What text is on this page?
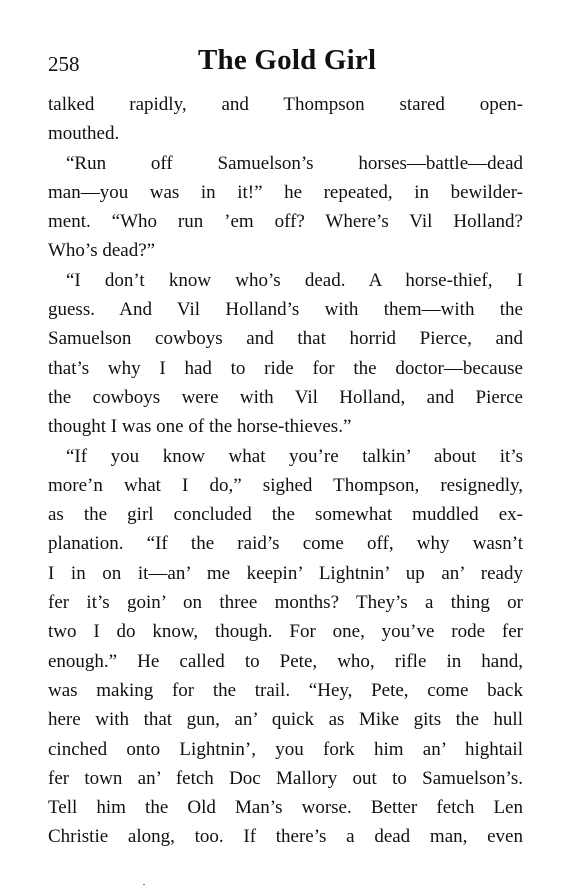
258	The Gold Girl
talked rapidly, and Thompson stared open-
mouthed.
“Run off Samuelson’s horses—battle—dead
man—you was in it!” he repeated, in bewilder-
ment. “Who run ’em off? Where’s Vil Holland?
Who’s dead?”
“I don’t know who’s dead. A horse-thief, I
guess. And Vil Holland’s with them—with the
Samuelson cowboys and that horrid Pierce, and
that’s why I had to ride for the doctor—because
the cowboys were with Vil Holland, and Pierce
thought I was one of the horse-thieves.”
“If you know what you’re talkin’ about it’s
more’n what I do,” sighed Thompson, resignedly,
as the girl concluded the somewhat muddled ex-
planation. “If the raid’s come off, why wasn’t
I in on it—an’ me keepin’ Lightnin’ up an’ ready
fer it’s goin’ on three months? They’s a thing or
two I do know, though. For one, you’ve rode fer
enough.” He called to Pete, who, rifle in hand,
was making for the trail. “Hey, Pete, come back
here with that gun, an’ quick as Mike gits the hull
cinched onto Lightnin’, you fork him an’ hightail
fer town an’ fetch Doc Mallory out to Samuelson’s.
Tell him the Old Man’s worse. Better fetch Len
Christie along, too. If there’s a dead man, even
